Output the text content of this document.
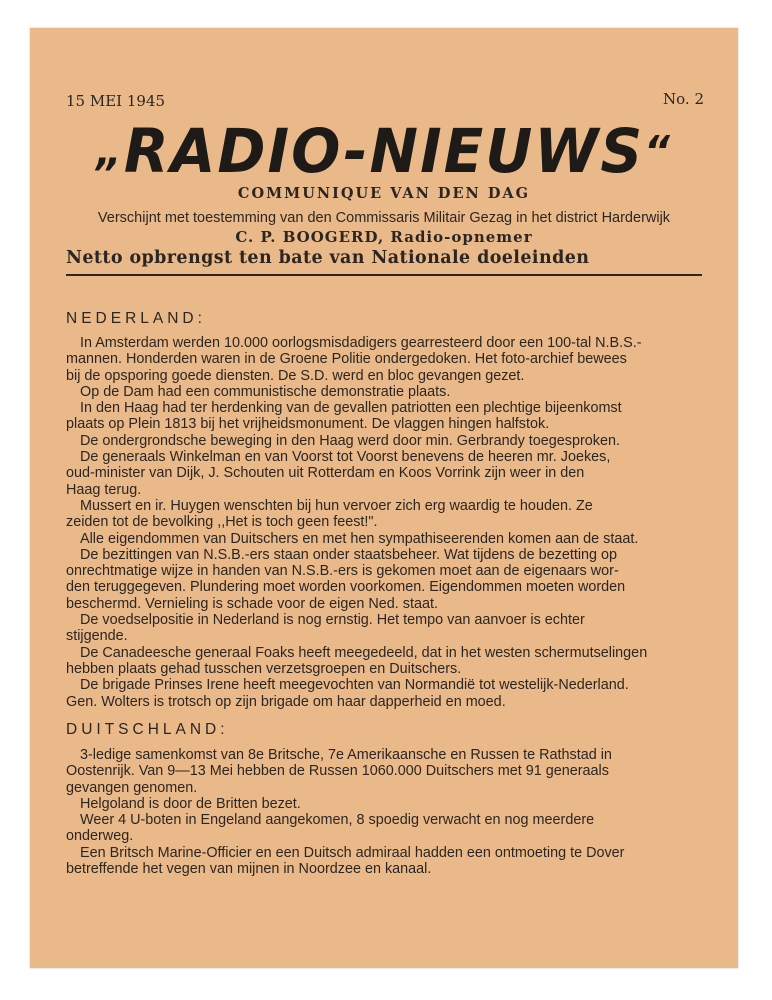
15 MEI 1945	No. 2
„RADIO-NIEUWS“
COMMUNIQUE VAN DEN DAG
Verschijnt met toestemming van den Commissaris Militair Gezag in het district Harderwijk
C. P. BOOGERD, Radio-opnemer
Netto opbrengst ten bate van Nationale doeleinden
NEDERLAND:
In Amsterdam werden 10.000 oorlogsmisdadigers gearresteerd door een 100-tal N.B.S.-
mannen. Honderden waren in de Groene Politie ondergedoken. Het foto-archief bewees
bij de opsporing goede diensten. De S.D. werd en bloc gevangen gezet.
Op de Dam had een communistische demonstratie plaats.
In den Haag had ter herdenking van de gevallen patriotten een plechtige bijeenkomst
plaats op Plein 1813 bij het vrijheidsmonument. De vlaggen hingen halfstok.
De ondergrondsche beweging in den Haag werd door min. Gerbrandy toegesproken.
De generaals Winkelman en van Voorst tot Voorst benevens de heeren mr. Joekes,
oud-minister van Dijk, J. Schouten uit Rotterdam en Koos Vorrink zijn weer in den
Haag terug.
Mussert en ir. Huygen wenschten bij hun vervoer zich erg waardig te houden. Ze
zeiden tot de bevolking ,,Het is toch geen feest!".
Alle eigendommen van Duitschers en met hen sympathiseerenden komen aan de staat.
De bezittingen van N.S.B.-ers staan onder staatsbeheer. Wat tijdens de bezetting op
onrechtmatige wijze in handen van N.S.B.-ers is gekomen moet aan de eigenaars wor-
den teruggegeven. Plundering moet worden voorkomen. Eigendommen moeten worden
beschermd. Vernieling is schade voor de eigen Ned. staat.
De voedselpositie in Nederland is nog ernstig. Het tempo van aanvoer is echter
stijgende.
De Canadeesche generaal Foaks heeft meegedeeld, dat in het westen schermutselingen
hebben plaats gehad tusschen verzetsgroepen en Duitschers.
De brigade Prinses Irene heeft meegevochten van Normandië tot westelijk-Nederland.
Gen. Wolters is trotsch op zijn brigade om haar dapperheid en moed.
DUITSCHLAND:
3-ledige samenkomst van 8e Britsche, 7e Amerikaansche en Russen te Rathstad in
Oostenrijk. Van 9—13 Mei hebben de Russen 1060.000 Duitschers met 91 generaals
gevangen genomen.
Helgoland is door de Britten bezet.
Weer 4 U-boten in Engeland aangekomen, 8 spoedig verwacht en nog meerdere
onderweg.
Een Britsch Marine-Officier en een Duitsch admiraal hadden een ontmoeting te Dover
betreffende het vegen van mijnen in Noordzee en kanaal.
